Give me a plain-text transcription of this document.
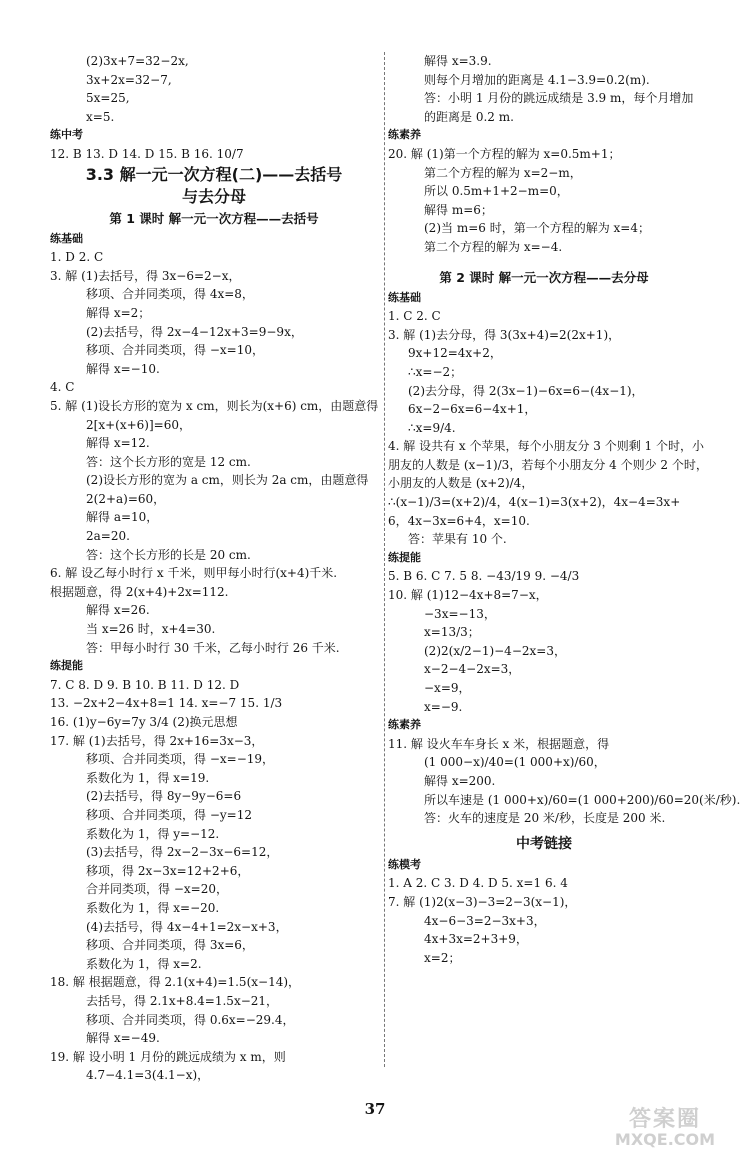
(2)3x+7=32−2x,
3x+2x=32−7,
5x=25,
x=5.
练中考
12. B 13. D 14. D 15. B 16. 10/7
3.3 解一元一次方程(二)——去括号
与去分母
第 1 课时 解一元一次方程——去括号
练基础
1. D 2. C
3. 解 (1)去括号，得 3x−6=2−x，
移项、合并同类项，得 4x=8，
解得 x=2；
(2)去括号，得 2x−4−12x+3=9−9x，
移项、合并同类项，得 −x=10，
解得 x=−10.
4. C
5. 解 (1)设长方形的宽为 x cm，则长为(x+6) cm，由题意得
2[x+(x+6)]=60，
解得 x=12.
答：这个长方形的宽是 12 cm.
(2)设长方形的宽为 a cm，则长为 2a cm，由题意得
2(2+a)=60，
解得 a=10，
2a=20.
答：这个长方形的长是 20 cm.
6. 解 设乙每小时行 x 千米，则甲每小时行(x+4)千米.
根据题意，得 2(x+4)+2x=112.
解得 x=26.
当 x=26 时，x+4=30.
答：甲每小时行 30 千米，乙每小时行 26 千米.
练提能
7. C 8. D 9. B 10. B 11. D 12. D
13. −2x+2−4x+8=1 14. x=−7 15. 1/3
16. (1)y−6y=7y 3/4 (2)换元思想
17. 解 (1)去括号，得 2x+16=3x−3，
移项、合并同类项，得 −x=−19，
系数化为 1，得 x=19.
(2)去括号，得 8y−9y−6=6
移项、合并同类项，得 −y=12
系数化为 1，得 y=−12.
(3)去括号，得 2x−2−3x−6=12，
移项，得 2x−3x=12+2+6，
合并同类项，得 −x=20，
系数化为 1，得 x=−20.
(4)去括号，得 4x−4+1=2x−x+3，
移项、合并同类项，得 3x=6，
系数化为 1，得 x=2.
18. 解 根据题意，得 2.1(x+4)=1.5(x−14)，
去括号，得 2.1x+8.4=1.5x−21，
移项、合并同类项，得 0.6x=−29.4，
解得 x=−49.
19. 解 设小明 1 月份的跳远成绩为 x m，则
4.7−4.1=3(4.1−x)，
解得 x=3.9.
则每个月增加的距离是 4.1−3.9=0.2(m).
答：小明 1 月份的跳远成绩是 3.9 m，每个月增加
的距离是 0.2 m.
练素养
20. 解 (1)第一个方程的解为 x=0.5m+1；
第二个方程的解为 x=2−m，
所以 0.5m+1+2−m=0，
解得 m=6；
(2)当 m=6 时，第一个方程的解为 x=4；
第二个方程的解为 x=−4.
第 2 课时 解一元一次方程——去分母
练基础
1. C 2. C
3. 解 (1)去分母，得 3(3x+4)=2(2x+1)，
9x+12=4x+2，
∴x=−2；
(2)去分母，得 2(3x−1)−6x=6−(4x−1)，
6x−2−6x=6−4x+1，
∴x=9/4.
4. 解 设共有 x 个苹果，每个小朋友分 3 个则剩 1 个时，小
朋友的人数是 (x−1)/3，若每个小朋友分 4 个则少 2 个时，
小朋友的人数是 (x+2)/4，
∴(x−1)/3=(x+2)/4，4(x−1)=3(x+2)，4x−4=3x+
6，4x−3x=6+4，x=10.
答：苹果有 10 个.
练提能
5. B 6. C 7. 5 8. −43/19 9. −4/3
10. 解 (1)12−4x+8=7−x，
−3x=−13，
x=13/3；
(2)2(x/2−1)−4−2x=3，
x−2−4−2x=3，
−x=9，
x=−9.
练素养
11. 解 设火车车身长 x 米，根据题意，得
(1 000−x)/40=(1 000+x)/60，
解得 x=200.
所以车速是 (1 000+x)/60=(1 000+200)/60=20(米/秒).
答：火车的速度是 20 米/秒，长度是 200 米.
中考链接
练模考
1. A 2. C 3. D 4. D 5. x=1 6. 4
7. 解 (1)2(x−3)−3=2−3(x−1)，
4x−6−3=2−3x+3，
4x+3x=2+3+9，
x=2；
37	答案圈
MXQE.COM
